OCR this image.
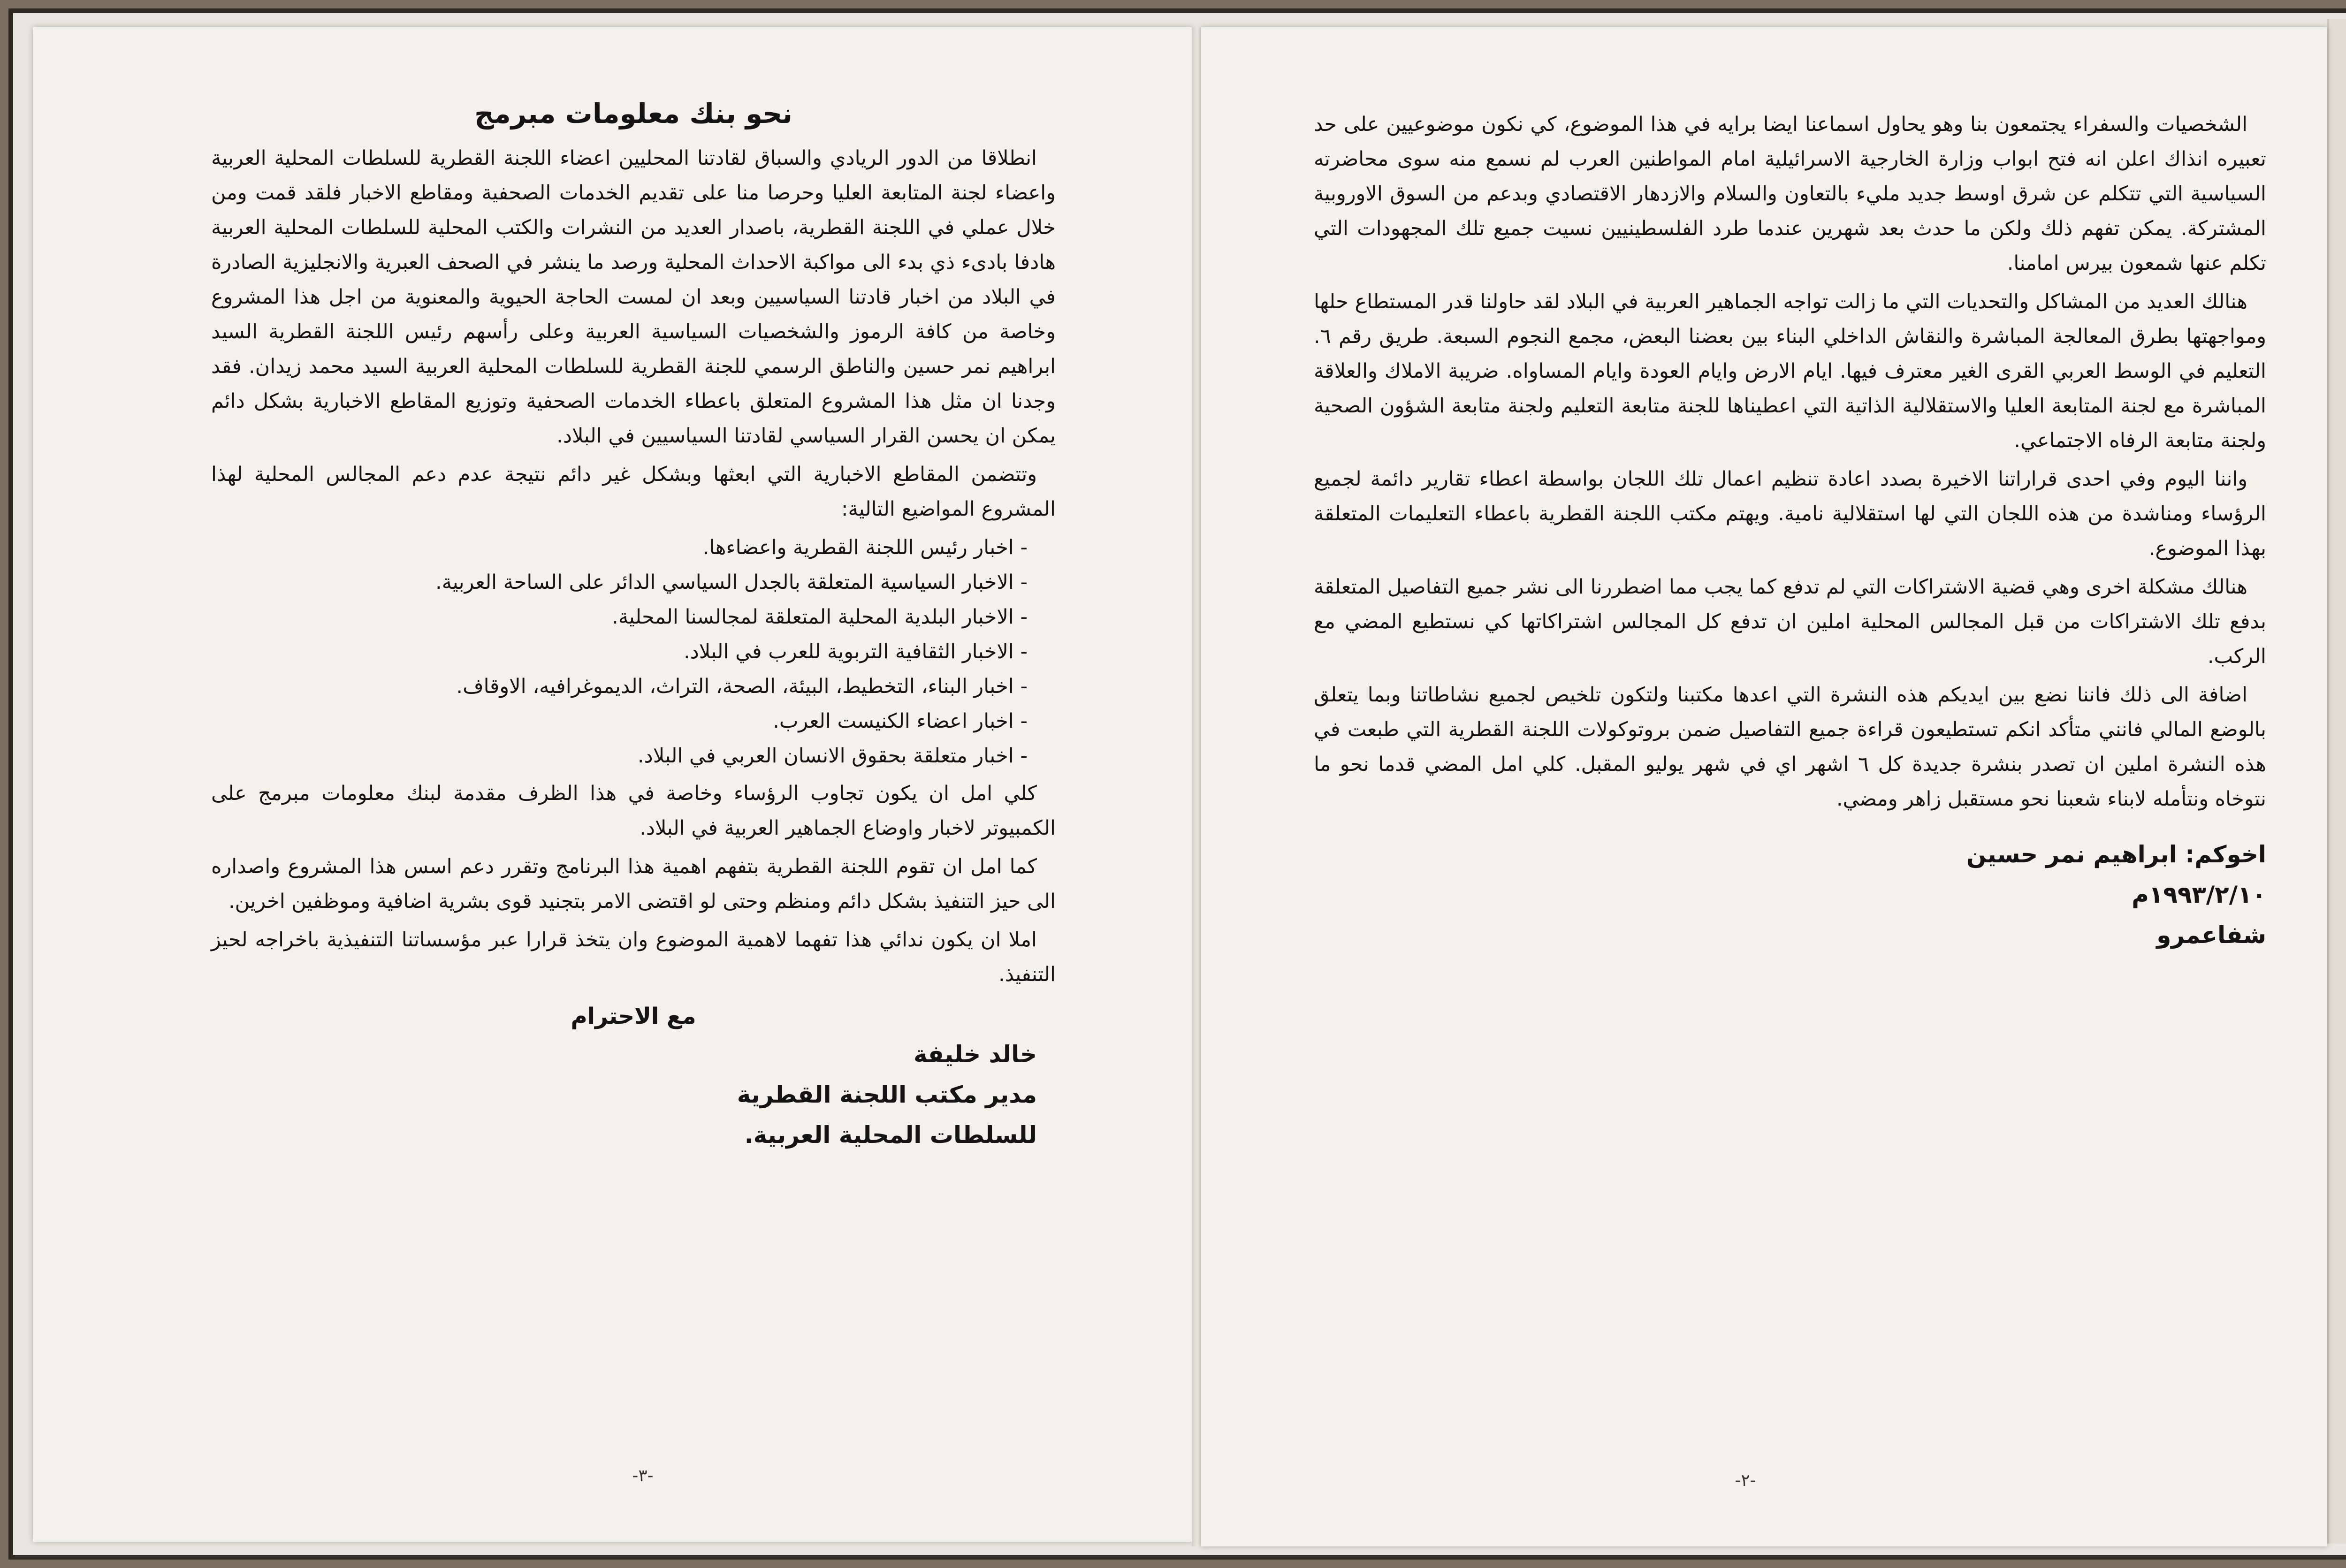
نحو بنك معلومات مبرمج

انطلاقا من الدور الريادي والسباق لقادتنا المحليين اعضاء اللجنة القطرية للسلطات المحلية العربية واعضاء لجنة المتابعة العليا وحرصا منا على تقديم الخدمات الصحفية ومقاطع الاخبار فلقد قمت ومن خلال عملي في اللجنة القطرية، باصدار العديد من النشرات والكتب المحلية للسلطات المحلية العربية هادفا بادىء ذي بدء الى مواكبة الاحداث المحلية ورصد ما ينشر في الصحف العبرية والانجليزية الصادرة في البلاد من اخبار قادتنا السياسيين وبعد ان لمست الحاجة الحيوية والمعنوية من اجل هذا المشروع وخاصة من كافة الرموز والشخصيات السياسية العربية وعلى رأسهم رئيس اللجنة القطرية السيد ابراهيم نمر حسين والناطق الرسمي للجنة القطرية للسلطات المحلية العربية السيد محمد زيدان. فقد وجدنا ان مثل هذا المشروع المتعلق باعطاء الخدمات الصحفية وتوزيع المقاطع الاخبارية بشكل دائم يمكن ان يحسن القرار السياسي لقادتنا السياسيين في البلاد.

وتتضمن المقاطع الاخبارية التي ابعثها وبشكل غير دائم نتيجة عدم دعم المجالس المحلية لهذا المشروع المواضيع التالية:

- اخبار رئيس اللجنة القطرية واعضاءها.
- الاخبار السياسية المتعلقة بالجدل السياسي الدائر على الساحة العربية.
- الاخبار البلدية المحلية المتعلقة لمجالسنا المحلية.
- الاخبار الثقافية التربوية للعرب في البلاد.
- اخبار البناء، التخطيط، البيئة، الصحة، التراث، الديموغرافيه، الاوقاف.
- اخبار اعضاء الكنيست العرب.
- اخبار متعلقة بحقوق الانسان العربي في البلاد.

كلي امل ان يكون تجاوب الرؤساء وخاصة في هذا الظرف مقدمة لبنك معلومات مبرمج على الكمبيوتر لاخبار واوضاع الجماهير العربية في البلاد.

كما امل ان تقوم اللجنة القطرية بتفهم اهمية هذا البرنامج وتقرر دعم اسس هذا المشروع واصداره الى حيز التنفيذ بشكل دائم ومنظم وحتى لو اقتضى الامر بتجنيد قوى بشرية اضافية وموظفين اخرين.

املا ان يكون ندائي هذا تفهما لاهمية الموضوع وان يتخذ قرارا عبر مؤسساتنا التنفيذية باخراجه لحيز التنفيذ.

مع الاحترام
خالد خليفة
مدير مكتب اللجنة القطرية
للسلطات المحلية العربية.
-٣-

الشخصيات والسفراء يجتمعون بنا وهو يحاول اسماعنا ايضا برايه في هذا الموضوع، كي نكون موضوعيين على حد تعبيره انذاك اعلن انه فتح ابواب وزارة الخارجية الاسرائيلية امام المواطنين العرب لم نسمع منه سوى محاضرته السياسية التي تتكلم عن شرق اوسط جديد مليء بالتعاون والسلام والازدهار الاقتصادي وبدعم من السوق الاوروبية المشتركة. يمكن تفهم ذلك ولكن ما حدث بعد شهرين عندما طرد الفلسطينيين نسيت جميع تلك المجهودات التي تكلم عنها شمعون بيرس امامنا.

هنالك العديد من المشاكل والتحديات التي ما زالت تواجه الجماهير العربية في البلاد لقد حاولنا قدر المستطاع حلها ومواجهتها بطرق المعالجة المباشرة والنقاش الداخلي البناء بين بعضنا البعض، مجمع النجوم السبعة. طريق رقم ٦. التعليم في الوسط العربي القرى الغير معترف فيها. ايام الارض وايام العودة وايام المساواه. ضريبة الاملاك والعلاقة المباشرة مع لجنة المتابعة العليا والاستقلالية الذاتية التي اعطيناها للجنة متابعة التعليم ولجنة متابعة الشؤون الصحية ولجنة متابعة الرفاه الاجتماعي.

واننا اليوم وفي احدى قراراتنا الاخيرة بصدد اعادة تنظيم اعمال تلك اللجان بواسطة اعطاء تقارير دائمة لجميع الرؤساء ومناشدة من هذه اللجان التي لها استقلالية نامية. ويهتم مكتب اللجنة القطرية باعطاء التعليمات المتعلقة بهذا الموضوع.

هنالك مشكلة اخرى وهي قضية الاشتراكات التي لم تدفع كما يجب مما اضطررنا الى نشر جميع التفاصيل المتعلقة بدفع تلك الاشتراكات من قبل المجالس المحلية املين ان تدفع كل المجالس اشتراكاتها كي نستطيع المضي مع الركب.

اضافة الى ذلك فاننا نضع بين ايديكم هذه النشرة التي اعدها مكتبنا ولتكون تلخيص لجميع نشاطاتنا وبما يتعلق بالوضع المالي فانني متأكد انكم تستطيعون قراءة جميع التفاصيل ضمن بروتوكولات اللجنة القطرية التي طبعت في هذه النشرة املين ان تصدر بنشرة جديدة كل ٦ اشهر اي في شهر يوليو المقبل. كلي امل المضي قدما نحو ما نتوخاه ونتأمله لابناء شعبنا نحو مستقبل زاهر ومضي.

اخوكم: ابراهيم نمر حسين
١٩٩٣/٢/١٠م
شفاعمرو
-٢-
